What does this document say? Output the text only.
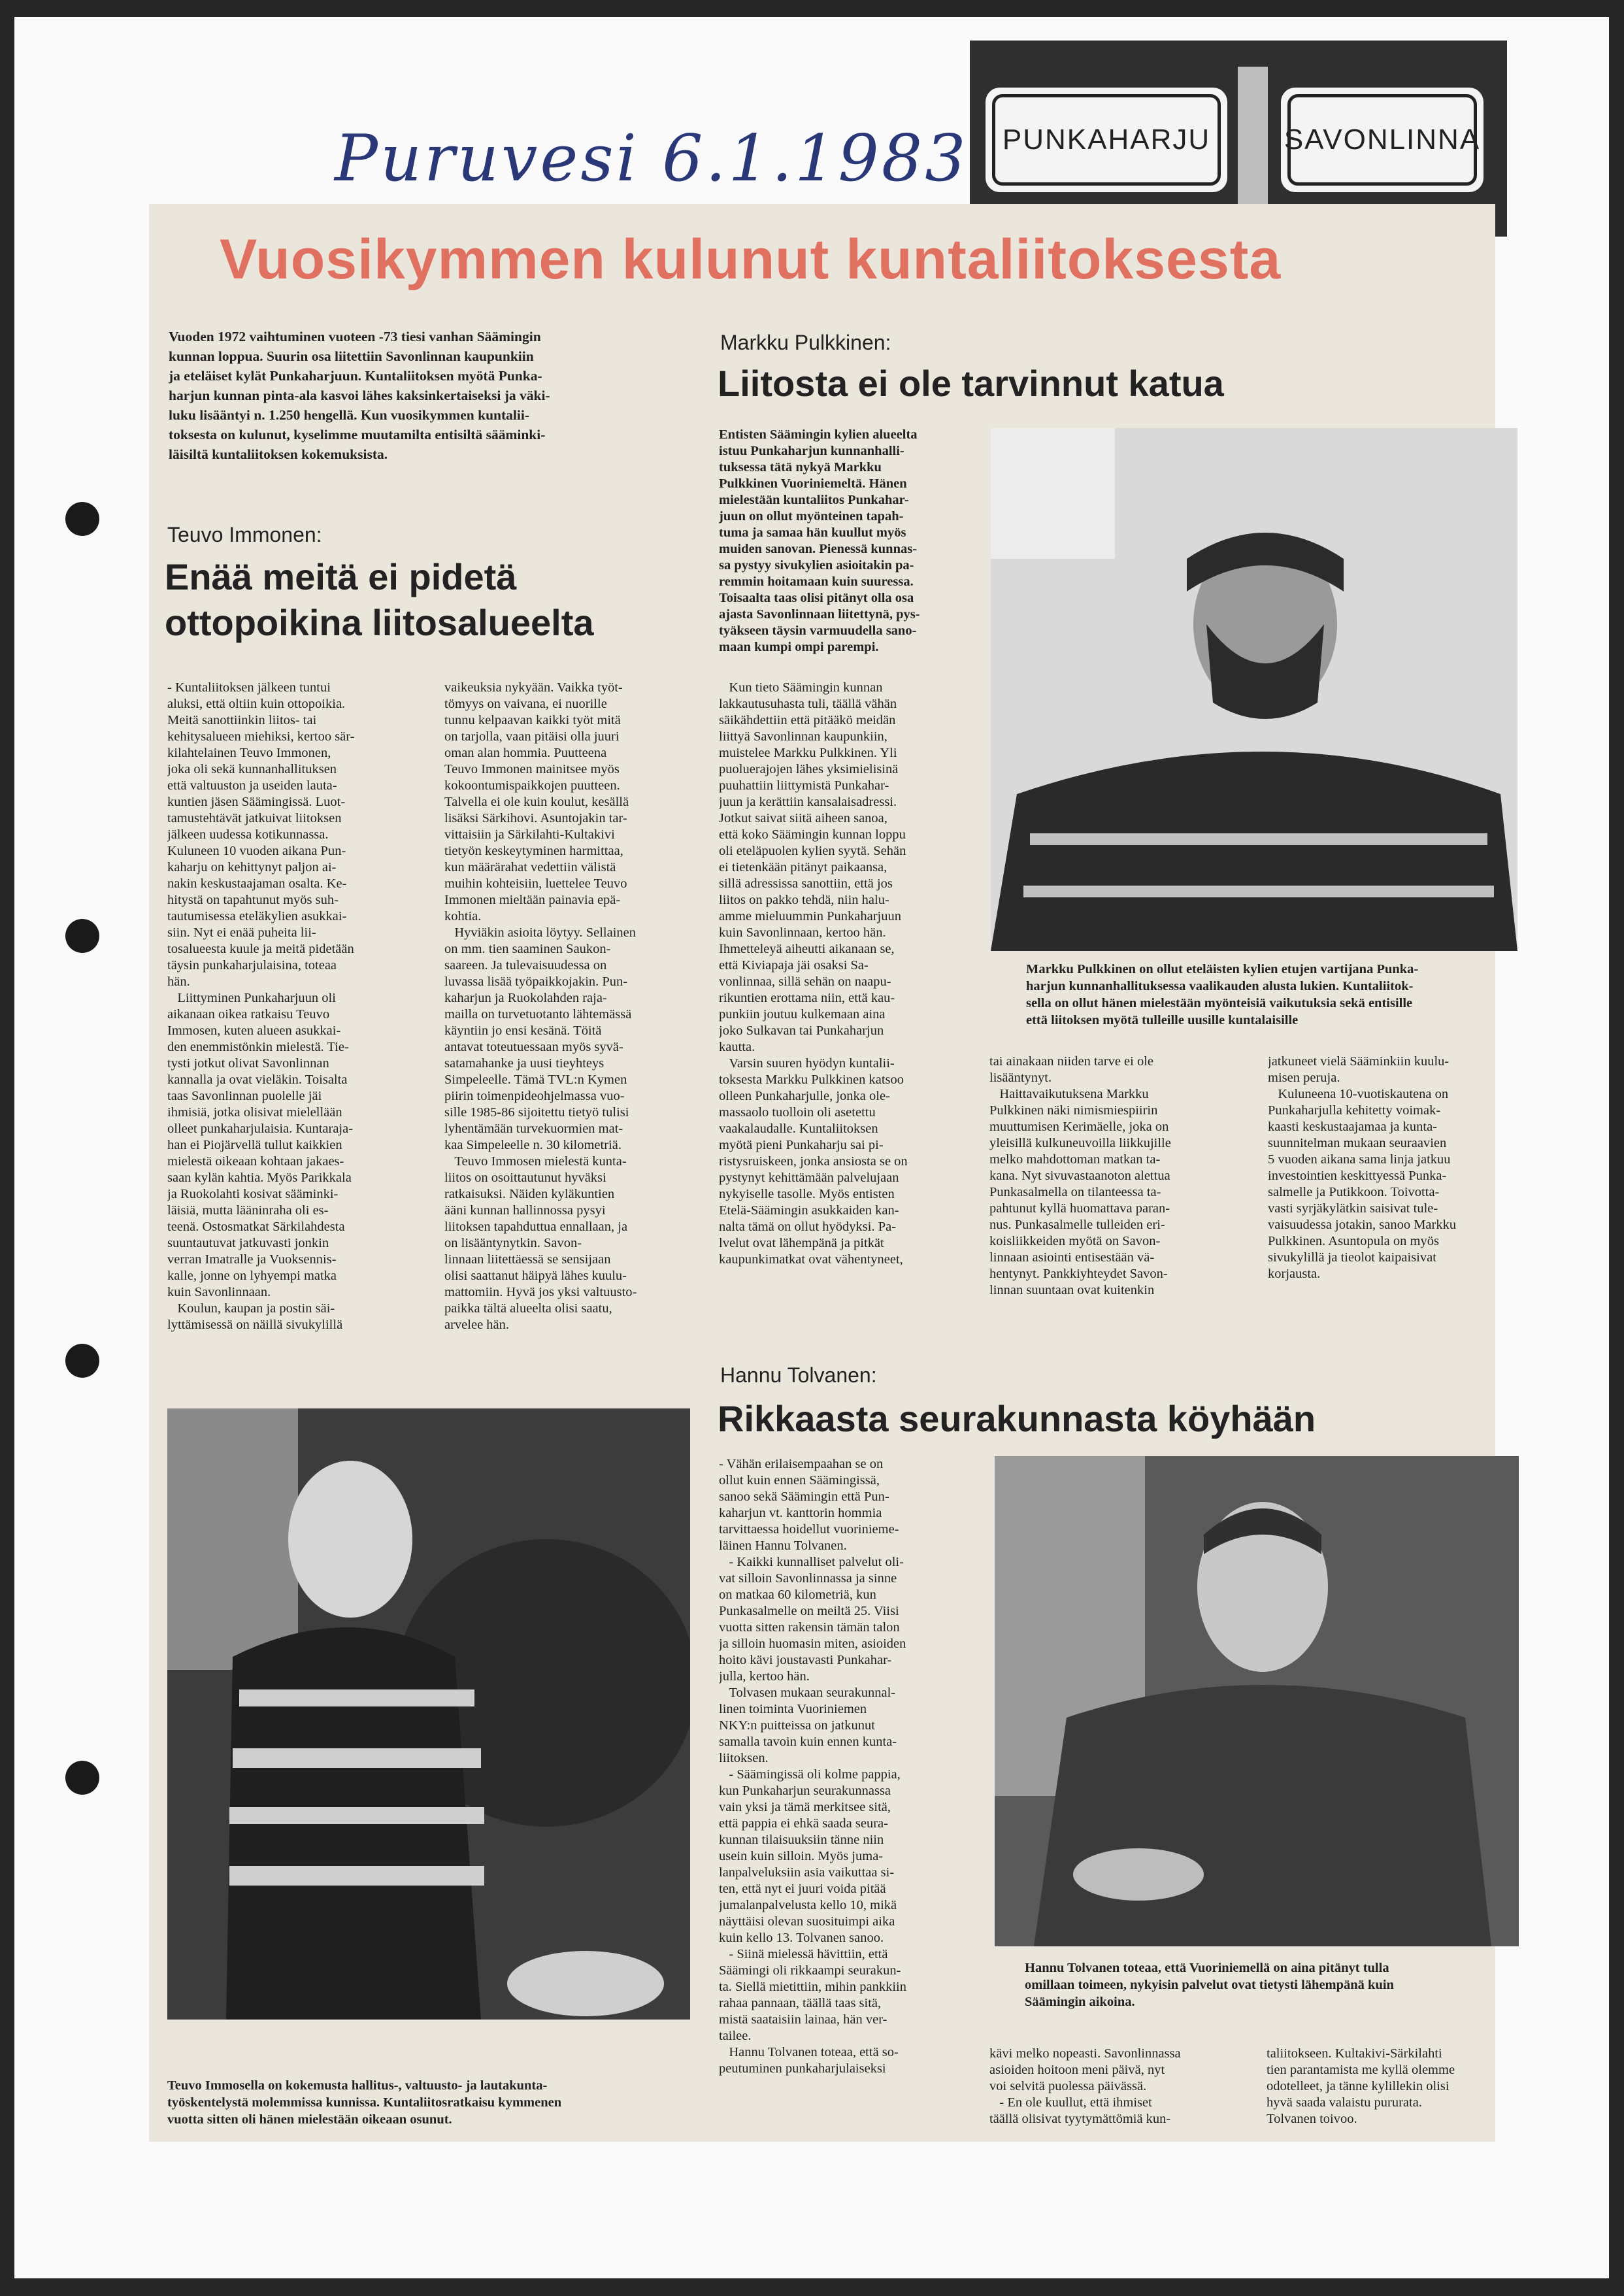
Puruvesi 6.1.1983	PUNKAHARJU	SAVONLINNA
Vuosikymmen kulunut kuntaliitoksesta
Vuoden 1972 vaihtuminen vuoteen -73 tiesi vanhan Säämingin
kunnan loppua. Suurin osa liitettiin Savonlinnan kaupunkiin
ja eteläiset kylät Punkaharjuun. Kuntaliitoksen myötä Punka-
harjun kunnan pinta-ala kasvoi lähes kaksinkertaiseksi ja väki-
luku lisääntyi n. 1.250 hengellä. Kun vuosikymmen kuntalii-
toksesta on kulunut, kyselimme muutamilta entisiltä sääminki-
läisiltä kuntaliitoksen kokemuksista.
Teuvo Immonen:
Enää meitä ei pidetä
ottopoikina liitosalueelta
- Kuntaliitoksen jälkeen tuntui
aluksi, että oltiin kuin ottopoikia.
Meitä sanottiinkin liitos- tai
kehitysalueen miehiksi, kertoo sär-
kilahtelainen Teuvo Immonen,
joka oli sekä kunnanhallituksen
että valtuuston ja useiden lauta-
kuntien jäsen Säämingissä. Luot-
tamustehtävät jatkuivat liitoksen
jälkeen uudessa kotikunnassa.
Kuluneen 10 vuoden aikana Pun-
kaharju on kehittynyt paljon ai-
nakin keskustaajaman osalta. Ke-
hitystä on tapahtunut myös suh-
tautumisessa eteläkylien asukkai-
siin. Nyt ei enää puheita lii-
tosalueesta kuule ja meitä pidetään
täysin punkaharjulaisina, toteaa
hän.
Liittyminen Punkaharjuun oli
aikanaan oikea ratkaisu Teuvo
Immosen, kuten alueen asukkai-
den enemmistönkin mielestä. Tie-
tysti jotkut olivat Savonlinnan
kannalla ja ovat vieläkin. Toisalta
taas Savonlinnan puolelle jäi
ihmisiä, jotka olisivat mielellään
olleet punkaharjulaisia. Kuntaraja-
han ei Piojärvellä tullut kaikkien
mielestä oikeaan kohtaan jakaes-
saan kylän kahtia. Myös Parikkala
ja Ruokolahti kosivat sääminki-
läisiä, mutta lääninraha oli es-
teenä. Ostosmatkat Särkilahdesta
suuntautuvat jatkuvasti jonkin
verran Imatralle ja Vuoksennis-
kalle, jonne on lyhyempi matka
kuin Savonlinnaan.
Koulun, kaupan ja postin säi-
lyttämisessä on näillä sivukylillä
vaikeuksia nykyään. Vaikka työt-
tömyys on vaivana, ei nuorille
tunnu kelpaavan kaikki työt mitä
on tarjolla, vaan pitäisi olla juuri
oman alan hommia. Puutteena
Teuvo Immonen mainitsee myös
kokoontumispaikkojen puutteen.
Talvella ei ole kuin koulut, kesällä
lisäksi Särkihovi. Asuntojakin tar-
vittaisiin ja Särkilahti-Kultakivi
tietyön keskeytyminen harmittaa,
kun määrärahat vedettiin välistä
muihin kohteisiin, luettelee Teuvo
Immonen mieltään painavia epä-
kohtia.
Hyviäkin asioita löytyy. Sellainen
on mm. tien saaminen Saukon-
saareen. Ja tulevaisuudessa on
luvassa lisää työpaikkojakin. Pun-
kaharjun ja Ruokolahden raja-
mailla on turvetuotanto lähtemässä
käyntiin jo ensi kesänä. Töitä
antavat toteutuessaan myös syvä-
satamahanke ja uusi tieyhteys
Simpeleelle. Tämä TVL:n Kymen
piirin toimenpideohjelmassa vuo-
sille 1985-86 sijoitettu tietyö tulisi
lyhentämään turvekuormien mat-
kaa Simpeleelle n. 30 kilometriä.
Teuvo Immosen mielestä kunta-
liitos on osoittautunut hyväksi
ratkaisuksi. Näiden kyläkuntien
ääni kunnan hallinnossa pysyi
liitoksen tapahduttua ennallaan, ja
on lisääntynytkin. Savon-
linnaan liitettäessä se sensijaan
olisi saattanut häipyä lähes kuulu-
mattomiin. Hyvä jos yksi valtuusto-
paikka tältä alueelta olisi saatu,
arvelee hän.
Teuvo Immosella on kokemusta hallitus-, valtuusto- ja lautakunta-
työskentelystä molemmissa kunnissa. Kuntaliitosratkaisu kymmenen
vuotta sitten oli hänen mielestään oikeaan osunut.
Markku Pulkkinen:
Liitosta ei ole tarvinnut katua
Entisten Säämingin kylien alueelta
istuu Punkaharjun kunnanhalli-
tuksessa tätä nykyä Markku
Pulkkinen Vuoriniemeltä. Hänen
mielestään kuntaliitos Punkahar-
juun on ollut myönteinen tapah-
tuma ja samaa hän kuullut myös
muiden sanovan. Pienessä kunnas-
sa pystyy sivukylien asioitakin pa-
remmin hoitamaan kuin suuressa.
Toisaalta taas olisi pitänyt olla osa
ajasta Savonlinnaan liitettynä, pys-
tyäkseen täysin varmuudella sano-
maan kumpi ompi parempi.
Kun tieto Säämingin kunnan
lakkautusuhasta tuli, täällä vähän
säikähdettiin että pitääkö meidän
liittyä Savonlinnan kaupunkiin,
muistelee Markku Pulkkinen. Yli
puoluerajojen lähes yksimielisinä
puuhattiin liittymistä Punkahar-
juun ja kerättiin kansalaisadressi.
Jotkut saivat siitä aiheen sanoa,
että koko Säämingin kunnan loppu
oli eteläpuolen kylien syytä. Sehän
ei tietenkään pitänyt paikaansa,
sillä adressissa sanottiin, että jos
liitos on pakko tehdä, niin halu-
amme mieluummin Punkaharjuun
kuin Savonlinnaan, kertoo hän.
Ihmetteleyä aiheutti aikanaan se,
että Kiviapaja jäi osaksi Sa-
vonlinnaa, sillä sehän on naapu-
rikuntien erottama niin, että kau-
punkiin joutuu kulkemaan aina
joko Sulkavan tai Punkaharjun
kautta.
Varsin suuren hyödyn kuntalii-
toksesta Markku Pulkkinen katsoo
olleen Punkaharjulle, jonka ole-
massaolo tuolloin oli asetettu
vaakalaudalle. Kuntaliitoksen
myötä pieni Punkaharju sai pi-
ristysruiskeen, jonka ansiosta se on
pystynyt kehittämään palvelujaan
nykyiselle tasolle. Myös entisten
Etelä-Säämingin asukkaiden kan-
nalta tämä on ollut hyödyksi. Pa-
lvelut ovat lähempänä ja pitkät
kaupunkimatkat ovat vähentyneet,
Markku Pulkkinen on ollut eteläisten kylien etujen vartijana Punka-
harjun kunnanhallituksessa vaalikauden alusta lukien. Kuntaliitok-
sella on ollut hänen mielestään myönteisiä vaikutuksia sekä entisille
että liitoksen myötä tulleille uusille kuntalaisille
tai ainakaan niiden tarve ei ole
lisääntynyt.
Haittavaikutuksena Markku
Pulkkinen näki nimismiespiirin
muuttumisen Kerimäelle, joka on
yleisillä kulkuneuvoilla liikkujille
melko mahdottoman matkan ta-
kana. Nyt sivuvastaanoton alettua
Punkasalmella on tilanteessa ta-
pahtunut kyllä huomattava paran-
nus. Punkasalmelle tulleiden eri-
koisliikkeiden myötä on Savon-
linnaan asiointi entisestään vä-
hentynyt. Pankkiyhteydet Savon-
linnan suuntaan ovat kuitenkin
jatkuneet vielä Sääminkiin kuulu-
misen peruja.
Kuluneena 10-vuotiskautena on
Punkaharjulla kehitetty voimak-
kaasti keskustaajamaa ja kunta-
suunnitelman mukaan seuraavien
5 vuoden aikana sama linja jatkuu
investointien keskittyessä Punka-
salmelle ja Putikkoon. Toivotta-
vasti syrjäkylätkin saisivat tule-
vaisuudessa jotakin, sanoo Markku
Pulkkinen. Asuntopula on myös
sivukylillä ja tieolot kaipaisivat
korjausta.
Hannu Tolvanen:
Rikkaasta seurakunnasta köyhään
- Vähän erilaisempaahan se on
ollut kuin ennen Säämingissä,
sanoo sekä Säämingin että Pun-
kaharjun vt. kanttorin hommia
tarvittaessa hoidellut vuorinieme-
läinen Hannu Tolvanen.
- Kaikki kunnalliset palvelut oli-
vat silloin Savonlinnassa ja sinne
on matkaa 60 kilometriä, kun
Punkasalmelle on meiltä 25. Viisi
vuotta sitten rakensin tämän talon
ja silloin huomasin miten, asioiden
hoito kävi joustavasti Punkahar-
julla, kertoo hän.
Tolvasen mukaan seurakunnal-
linen toiminta Vuoriniemen
NKY:n puitteissa on jatkunut
samalla tavoin kuin ennen kunta-
liitoksen.
- Säämingissä oli kolme pappia,
kun Punkaharjun seurakunnassa
vain yksi ja tämä merkitsee sitä,
että pappia ei ehkä saada seura-
kunnan tilaisuuksiin tänne niin
usein kuin silloin. Myös juma-
lanpalveluksiin asia vaikuttaa si-
ten, että nyt ei juuri voida pitää
jumalanpalvelusta kello 10, mikä
näyttäisi olevan suosituimpi aika
kuin kello 13. Tolvanen sanoo.
- Siinä mielessä hävittiin, että
Säämingi oli rikkaampi seurakun-
ta. Siellä mietittiin, mihin pankkiin
rahaa pannaan, täällä taas sitä,
mistä saataisiin lainaa, hän ver-
tailee.
Hannu Tolvanen toteaa, että so-
peutuminen punkaharjulaiseksi
Hannu Tolvanen toteaa, että Vuoriniemellä on aina pitänyt tulla
omillaan toimeen, nykyisin palvelut ovat tietysti lähempänä kuin
Säämingin aikoina.
kävi melko nopeasti. Savonlinnassa
asioiden hoitoon meni päivä, nyt
voi selvitä puolessa päivässä.
- En ole kuullut, että ihmiset
täällä olisivat tyytymättömiä kun-
taliitokseen. Kultakivi-Särkilahti
tien parantamista me kyllä olemme
odotelleet, ja tänne kylillekin olisi
hyvä saada valaistu pururata.
Tolvanen toivoo.
